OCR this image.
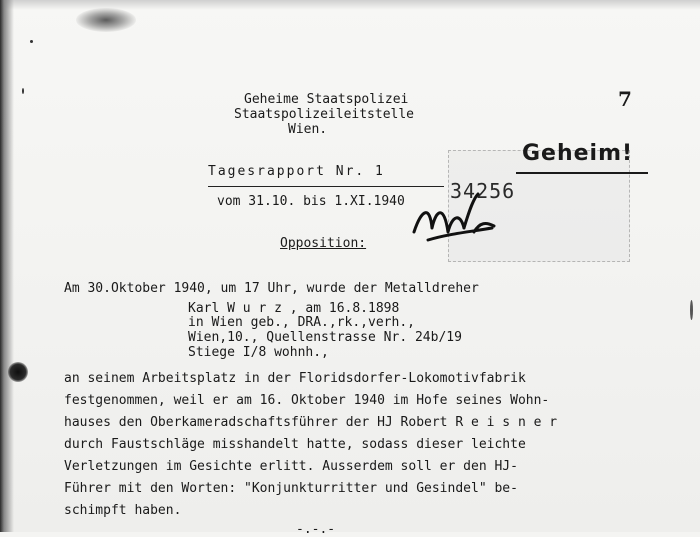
Geheime Staatspolizei
Staatspolizeileitstelle
Wien.
7
Geheim!
Tagesrapport Nr. 1
vom 31.10. bis 1.XI.1940 34256
Opposition:
Am 30.Oktober 1940, um 17 Uhr, wurde der Metalldreher
Karl W u r z , am 16.8.1898
in Wien geb., DRA.,rk.,verh.,
Wien,10., Quellenstrasse Nr. 24b/19
Stiege I/8 wohnh.,
an seinem Arbeitsplatz in der Floridsdorfer-Lokomotivfabrik
festgenommen, weil er am 16. Oktober 1940 im Hofe seines Wohn-
hauses den Oberkameradschaftsführer der HJ Robert R e i s n e r
durch Faustschläge misshandelt hatte, sodass dieser leichte
Verletzungen im Gesichte erlitt. Ausserdem soll er den HJ-
Führer mit den Worten: "Konjunkturritter und Gesindel" be-
schimpft haben.
-.-.-
